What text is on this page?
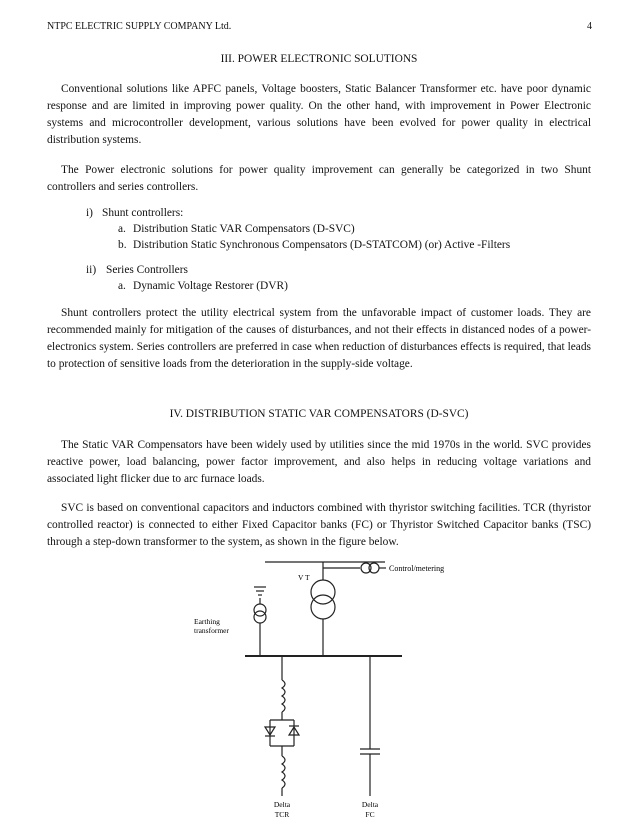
NTPC ELECTRIC SUPPLY COMPANY Ltd.	4
III. POWER ELECTRONIC SOLUTIONS

Conventional solutions like APFC panels, Voltage boosters, Static Balancer Transformer etc. have poor dynamic response and are limited in improving power quality. On the other hand, with improvement in Power Electronic systems and microcontroller development, various solutions have been evolved for power quality in electrical distribution systems.

The Power electronic solutions for power quality improvement can generally be categorized in two Shunt controllers and series controllers.

i) Shunt controllers:
a. Distribution Static VAR Compensators (D-SVC)
b. Distribution Static Synchronous Compensators (D-STATCOM) (or) Active -Filters
ii) Series Controllers
a. Dynamic Voltage Restorer (DVR)

Shunt controllers protect the utility electrical system from the unfavorable impact of customer loads. They are recommended mainly for mitigation of the causes of disturbances, and not their effects in distanced nodes of a power-electronics system. Series controllers are preferred in case when reduction of disturbances effects is required, that leads to protection of sensitive loads from the deterioration in the supply-side voltage.

IV. DISTRIBUTION STATIC VAR COMPENSATORS (D-SVC)

The Static VAR Compensators have been widely used by utilities since the mid 1970s in the world. SVC provides reactive power, load balancing, power factor improvement, and also helps in reducing voltage variations and associated light flicker due to arc furnace loads.

SVC is based on conventional capacitors and inductors combined with thyristor switching facilities. TCR (thyristor controlled reactor) is connected to either Fixed Capacitor banks (FC) or Thyristor Switched Capacitor banks (TSC) through a step-down transformer to the system, as shown in the figure below.

V T
Control/metering
Earthing
transformer
Delta
TCR
Delta
FC
